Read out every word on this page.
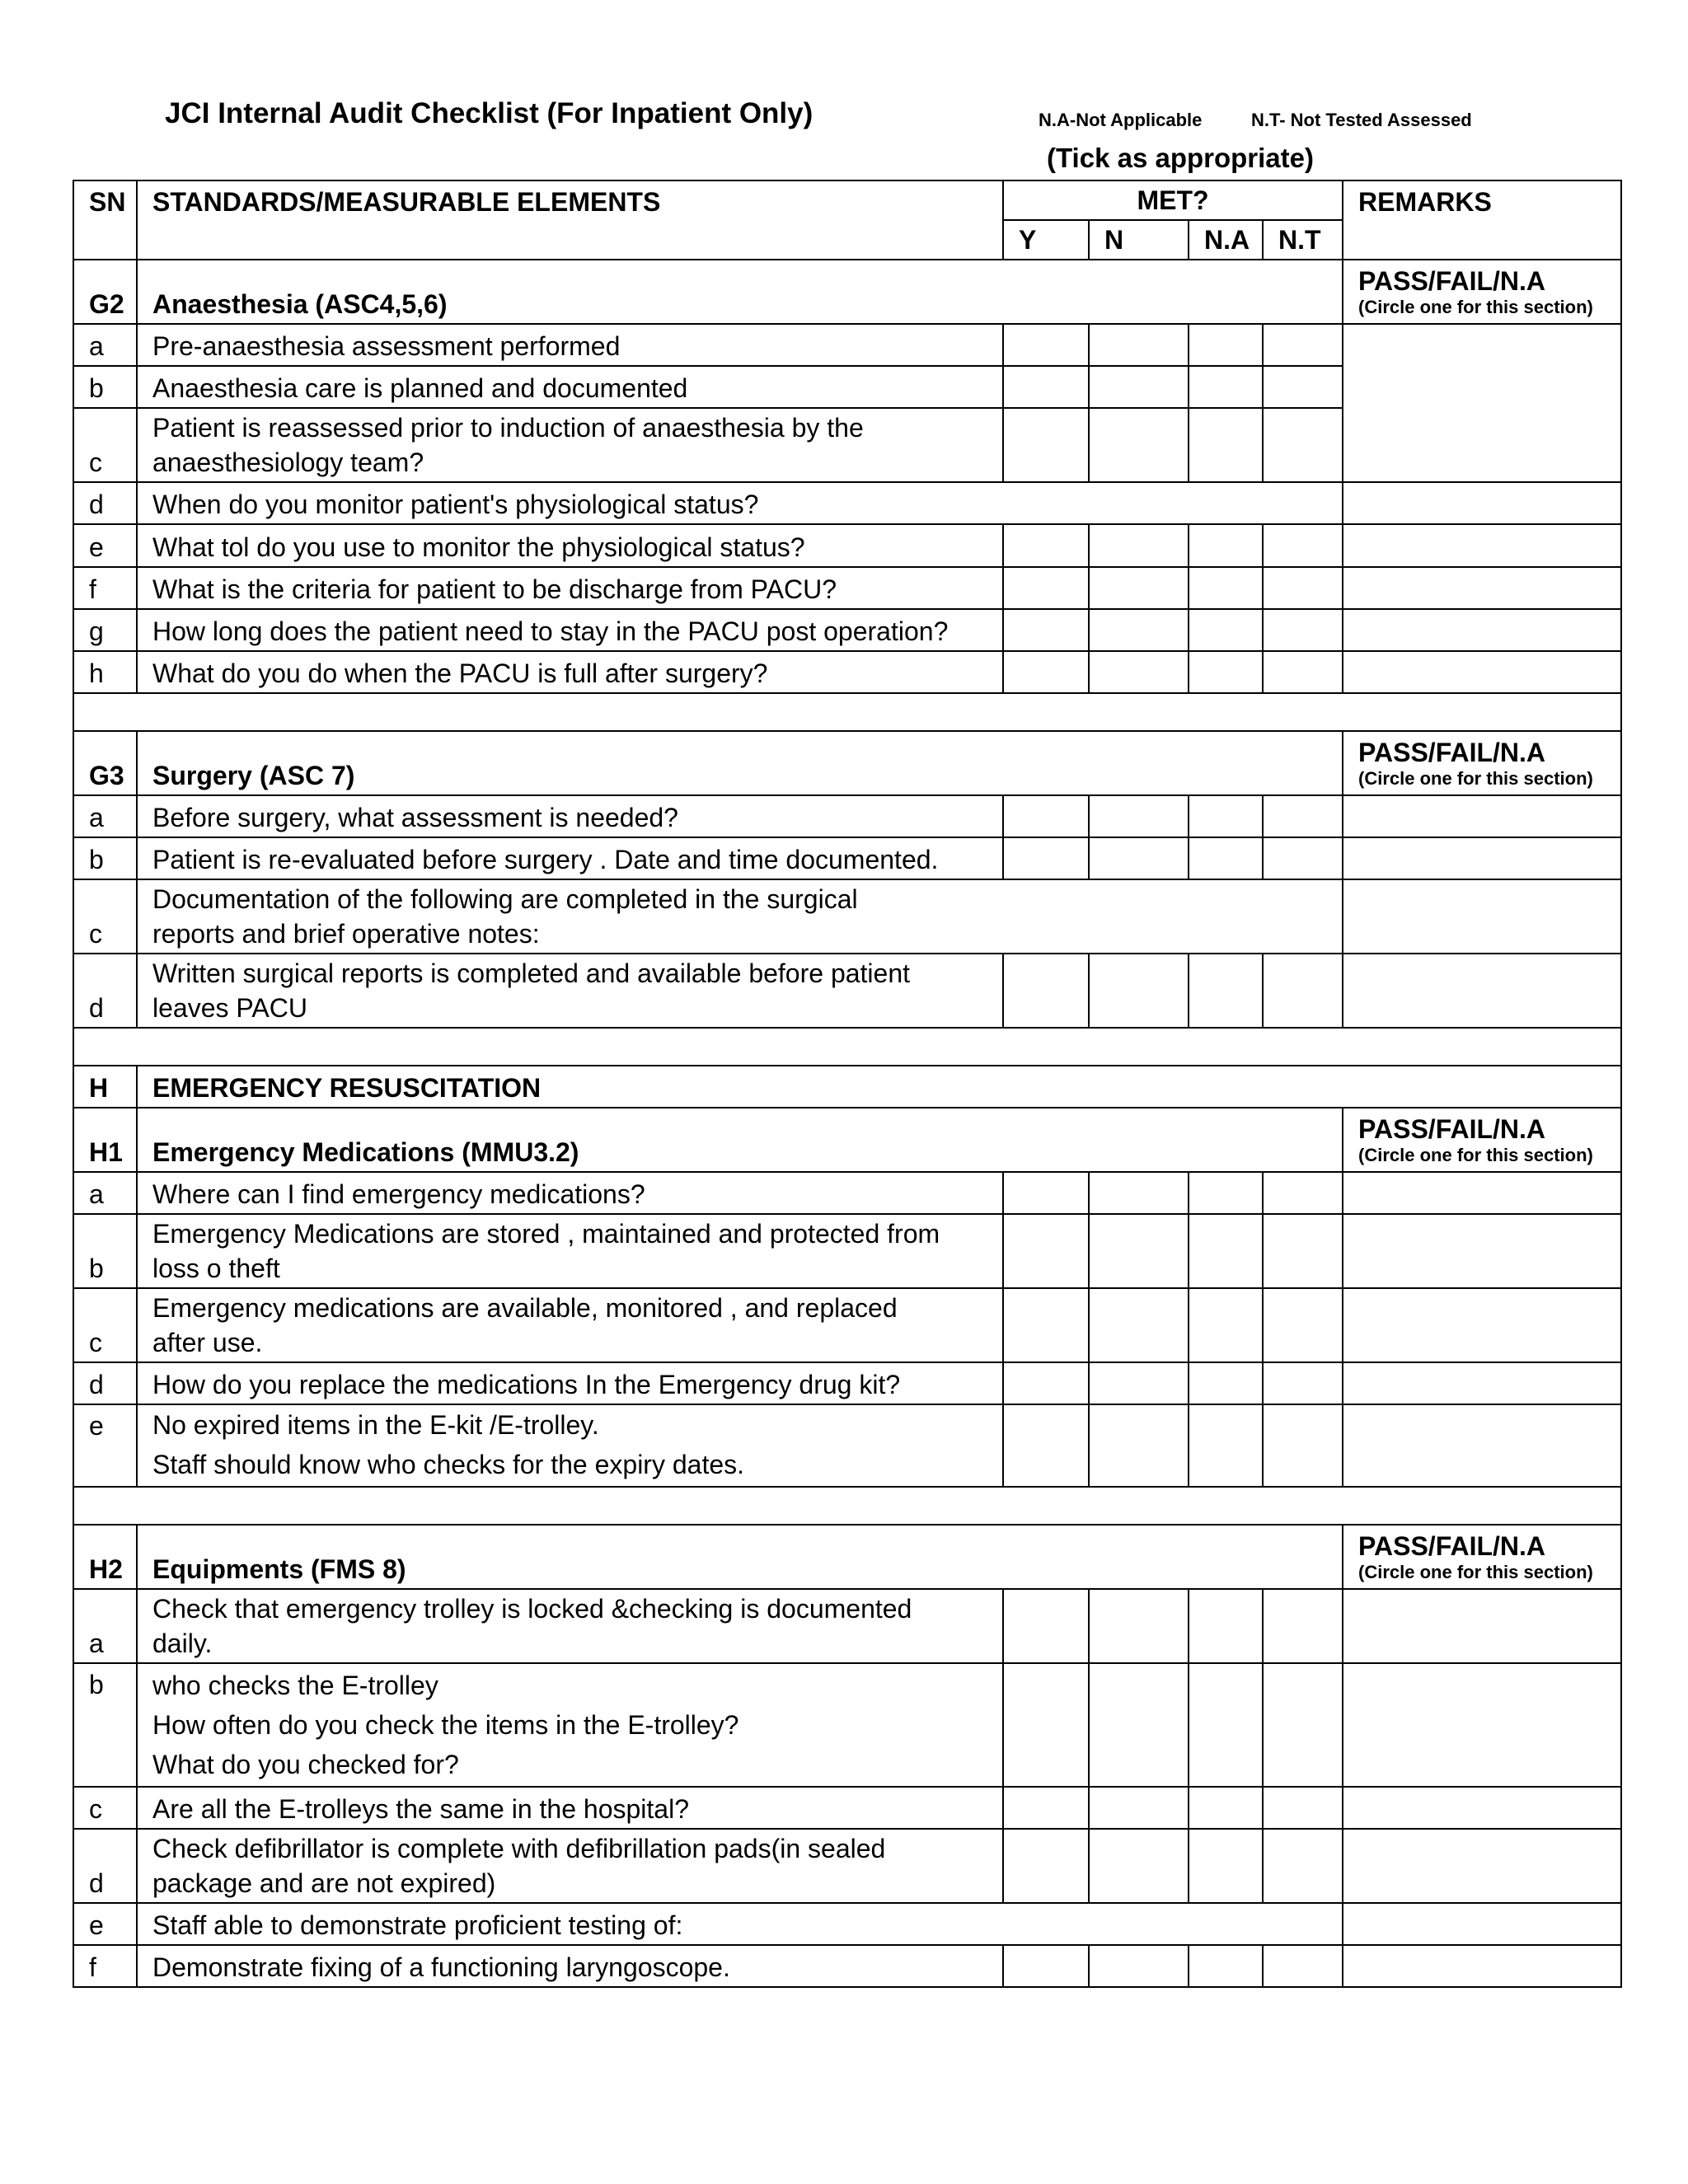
JCI Internal Audit Checklist (For Inpatient Only)	N.A-Not Applicable	N.T- Not Tested Assessed
(Tick as appropriate)
SN	STANDARDS/MEASURABLE ELEMENTS	MET?				REMARKS
		Y	N	N.A	N.T	
G2	Anaesthesia (ASC4,5,6)					PASS/FAIL/N.A
(Circle one for this section)

a	Pre-anaesthesia assessment performed					
b	Anaesthesia care is planned and documented					
c	Patient is reassessed prior to induction of anaesthesia by the
anaesthesiology team?					

d	When do you monitor patient's physiological status?					
e	What tol do you use to monitor the physiological status?					
f	What is the criteria for patient to be discharge from PACU?					
g	How long does the patient need to stay in the PACU post operation?					
h	What do you do when the PACU is full after surgery?					

G3	Surgery (ASC 7)					PASS/FAIL/N.A
(Circle one for this section)

a	Before surgery, what assessment is needed?					
b	Patient is re-evaluated before surgery . Date and time documented.					
c	Documentation of the following are completed in the surgical
reports and brief operative notes:					

d	Written surgical reports is completed and available before patient
leaves PACU					

H	EMERGENCY RESUSCITATION					
H1	Emergency Medications (MMU3.2)					PASS/FAIL/N.A
(Circle one for this section)

a	Where can I find emergency medications?					
b	Emergency Medications are stored , maintained and protected from
loss o theft					

c	Emergency medications are available, monitored , and replaced
after use.					

d	How do you replace the medications In the Emergency drug kit?					
e	No expired items in the E-kit /E-trolley.
Staff should know who checks for the expiry dates.					

H2	Equipments (FMS 8)					PASS/FAIL/N.A
(Circle one for this section)

a	Check that emergency trolley is locked &checking is documented
daily.					

b	who checks the E-trolley
How often do you check the items in the E-trolley?
What do you checked for?					

c	Are all the E-trolleys the same in the hospital?					
d	Check defibrillator is complete with defibrillation pads(in sealed
package and are not expired)					

e	Staff able to demonstrate proficient testing of:					
f	Demonstrate fixing of a functioning laryngoscope.					
